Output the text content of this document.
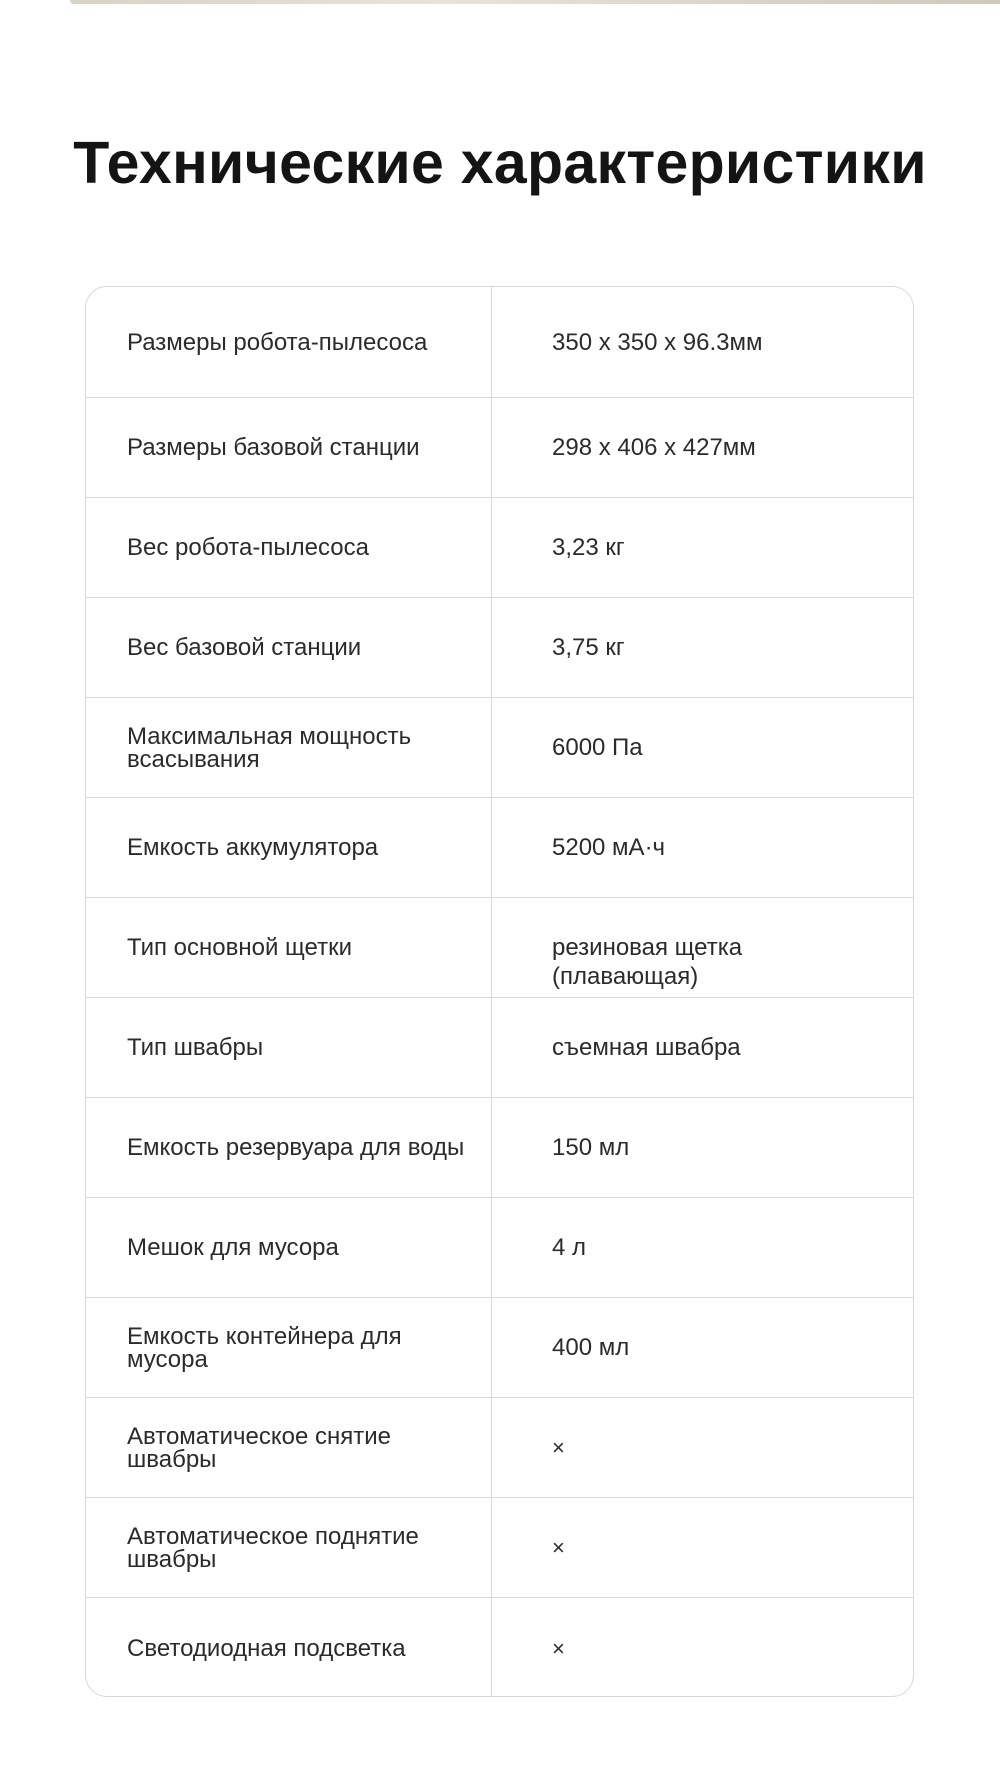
Технические характеристики
Размеры робота-пылесоса	350 x 350 x 96.3мм
Размеры базовой станции	298 x 406 x 427мм
Вес робота-пылесоса	3,23 кг
Вес базовой станции	3,75 кг
Максимальная мощность всасывания	6000 Па
Емкость аккумулятора	5200 мА·ч
Тип основной щетки	резиновая щетка (плавающая)
Тип швабры	съемная швабра
Емкость резервуара для воды	150 мл
Мешок для мусора	4 л
Емкость контейнера для мусора	400 мл
Автоматическое снятие швабры	×
Автоматическое поднятие швабры	×
Светодиодная подсветка	×
